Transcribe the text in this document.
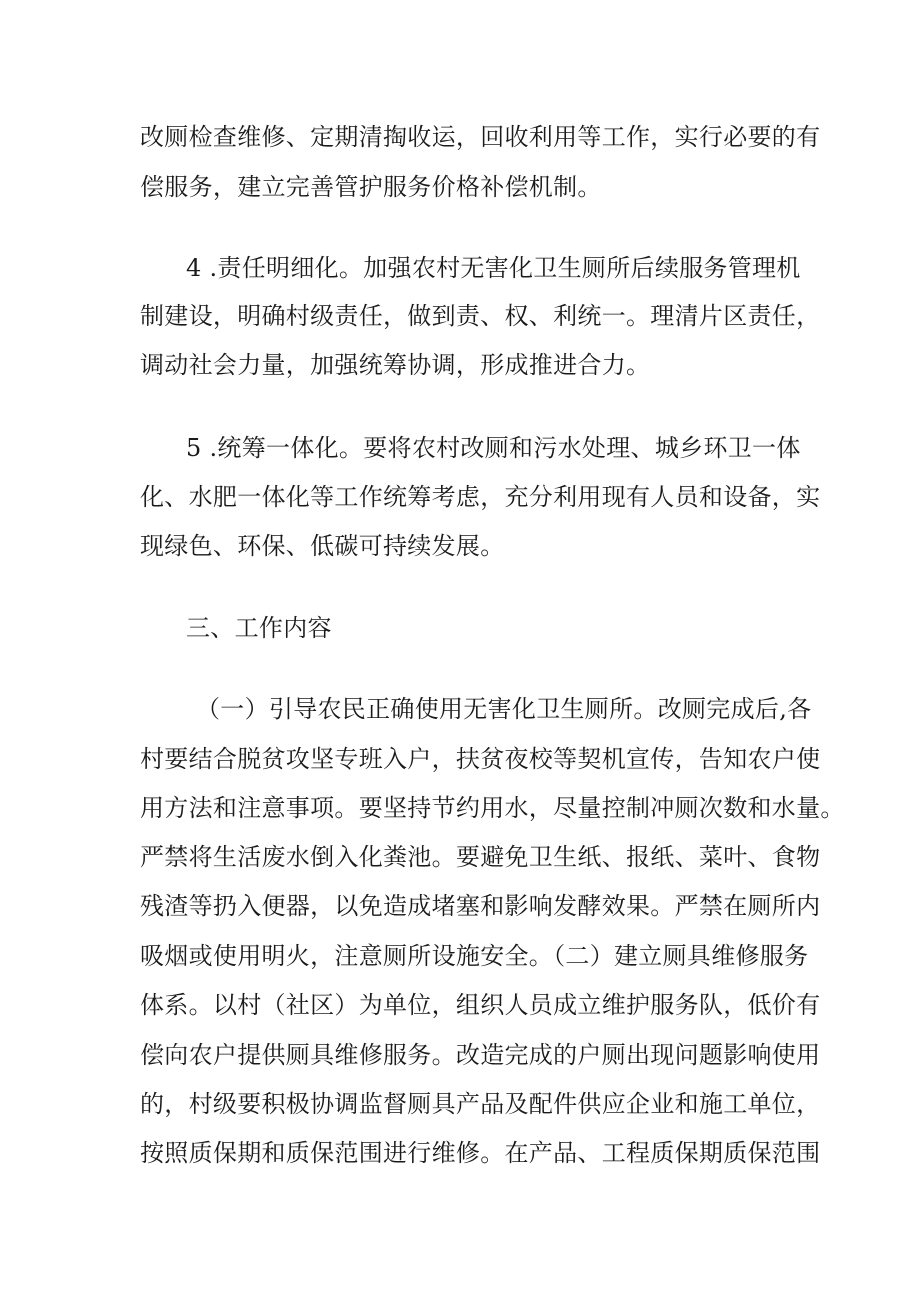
改厕检查维修、定期清掏收运，回收利用等工作，实行必要的有
偿服务，建立完善管护服务价格补偿机制。
4 .责任明细化。加强农村无害化卫生厕所后续服务管理机
制建设，明确村级责任，做到责、权、利统一。理清片区责任，
调动社会力量，加强统筹协调，形成推进合力。
5 .统筹一体化。要将农村改厕和污水处理、城乡环卫一体
化、水肥一体化等工作统筹考虑，充分利用现有人员和设备，实
现绿色、环保、低碳可持续发展。
三、工作内容
（一）引导农民正确使用无害化卫生厕所。改厕完成后,各
村要结合脱贫攻坚专班入户，扶贫夜校等契机宣传，告知农户使
用方法和注意事项。要坚持节约用水，尽量控制冲厕次数和水量。
严禁将生活废水倒入化粪池。要避免卫生纸、报纸、菜叶、食物
残渣等扔入便器，以免造成堵塞和影响发酵效果。严禁在厕所内
吸烟或使用明火，注意厕所设施安全。（二）建立厕具维修服务
体系。以村（社区）为单位，组织人员成立维护服务队，低价有
偿向农户提供厕具维修服务。改造完成的户厕出现问题影响使用
的，村级要积极协调监督厕具产品及配件供应企业和施工单位，
按照质保期和质保范围进行维修。在产品、工程质保期质保范围
